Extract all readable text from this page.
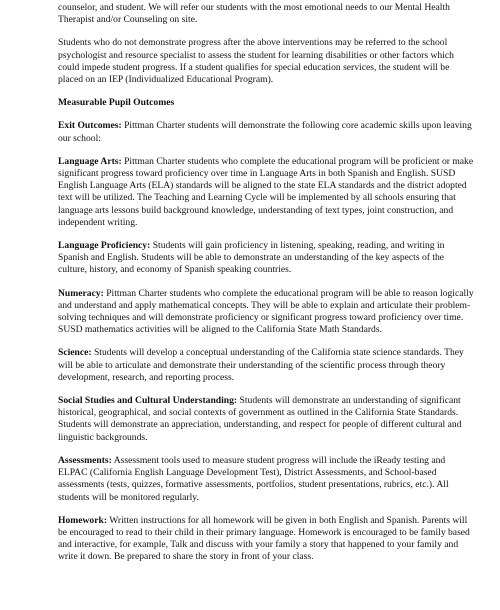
counselor, and student. We will refer our students with the most emotional needs to our Mental Health Therapist and/or Counseling on site.

Students who do not demonstrate progress after the above interventions may be referred to the school psychologist and resource specialist to assess the student for learning disabilities or other factors which could impede student progress. If a student qualifies for special education services, the student will be placed on an IEP (Individualized Educational Program).

Measurable Pupil Outcomes

Exit Outcomes: Pittman Charter students will demonstrate the following core academic skills upon leaving our school:

Language Arts: Pittman Charter students who complete the educational program will be proficient or make significant progress toward proficiency over time in Language Arts in both Spanish and English. SUSD English Language Arts (ELA) standards will be aligned to the state ELA standards and the district adopted text will be utilized. The Teaching and Learning Cycle will be implemented by all schools ensuring that language arts lessons build background knowledge, understanding of text types, joint construction, and independent writing.

Language Proficiency: Students will gain proficiency in listening, speaking, reading, and writing in Spanish and English. Students will be able to demonstrate an understanding of the key aspects of the culture, history, and economy of Spanish speaking countries.

Numeracy: Pittman Charter students who complete the educational program will be able to reason logically and understand and apply mathematical concepts. They will be able to explain and articulate their problem-solving techniques and will demonstrate proficiency or significant progress toward proficiency over time. SUSD mathematics activities will be aligned to the California State Math Standards.

Science: Students will develop a conceptual understanding of the California state science standards. They will be able to articulate and demonstrate their understanding of the scientific process through theory development, research, and reporting process.

Social Studies and Cultural Understanding: Students will demonstrate an understanding of significant historical, geographical, and social contexts of government as outlined in the California State Standards. Students will demonstrate an appreciation, understanding, and respect for people of different cultural and linguistic backgrounds.

Assessments: Assessment tools used to measure student progress will include the iReady testing and ELPAC (California English Language Development Test), District Assessments, and School-based assessments (tests, quizzes, formative assessments, portfolios, student presentations, rubrics, etc.). All students will be monitored regularly.

Homework: Written instructions for all homework will be given in both English and Spanish. Parents will be encouraged to read to their child in their primary language. Homework is encouraged to be family based and interactive, for example, Talk and discuss with your family a story that happened to your family and write it down. Be prepared to share the story in front of your class.
